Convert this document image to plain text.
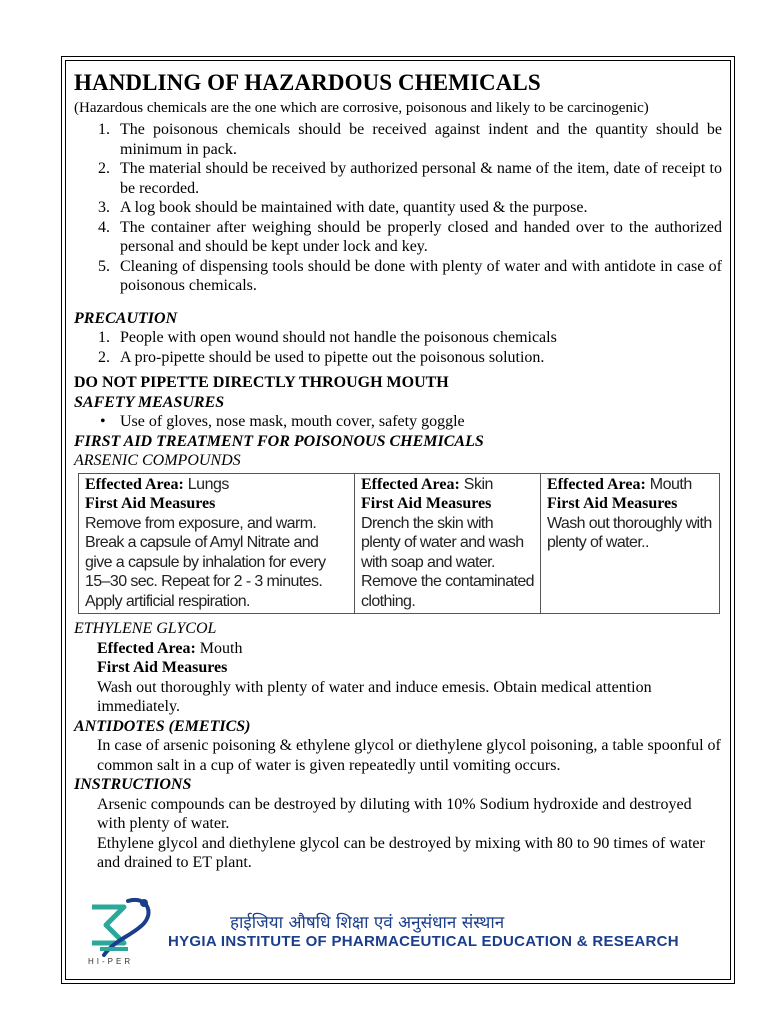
HANDLING OF HAZARDOUS CHEMICALS

(Hazardous chemicals are the one which are corrosive, poisonous and likely to be carcinogenic)

1. The poisonous chemicals should be received against indent and the quantity should be minimum in pack.
2. The material should be received by authorized personal & name of the item, date of receipt to be recorded.
3. A log book should be maintained with date, quantity used & the purpose.
4. The container after weighing should be properly closed and handed over to the authorized personal and should be kept under lock and key.
5. Cleaning of dispensing tools should be done with plenty of water and with antidote in case of poisonous chemicals.

PRECAUTION

1. People with open wound should not handle the poisonous chemicals
2. A pro-pipette should be used to pipette out the poisonous solution.

DO NOT PIPETTE DIRECTLY THROUGH MOUTH

SAFETY MEASURES

• Use of gloves, nose mask, mouth cover, safety goggle

FIRST AID TREATMENT FOR POISONOUS CHEMICALS

ARSENIC COMPOUNDS

Effected Area: Lungs
First Aid Measures
Remove from exposure, and warm. Break a capsule of Amyl Nitrate and give a capsule by inhalation for every 15–30 sec. Repeat for 2 - 3 minutes. Apply artificial respiration.

Effected Area: Skin
First Aid Measures
Drench the skin with plenty of water and wash with soap and water. Remove the contaminated clothing.

Effected Area: Mouth
First Aid Measures
Wash out thoroughly with plenty of water..

ETHYLENE GLYCOL

Effected Area: Mouth

First Aid Measures

Wash out thoroughly with plenty of water and induce emesis. Obtain medical attention immediately.

ANTIDOTES (EMETICS)

In case of arsenic poisoning & ethylene glycol or diethylene glycol poisoning, a table spoonful of common salt in a cup of water is given repeatedly until vomiting occurs.

INSTRUCTIONS

Arsenic compounds can be destroyed by diluting with 10% Sodium hydroxide and destroyed with plenty of water.

Ethylene glycol and diethylene glycol can be destroyed by mixing with 80 to 90 times of water and drained to ET plant.

HI-PER
हाईजिया औषधि शिक्षा एवं अनुसंधान संस्थान
HYGIA INSTITUTE OF PHARMACEUTICAL EDUCATION & RESEARCH
